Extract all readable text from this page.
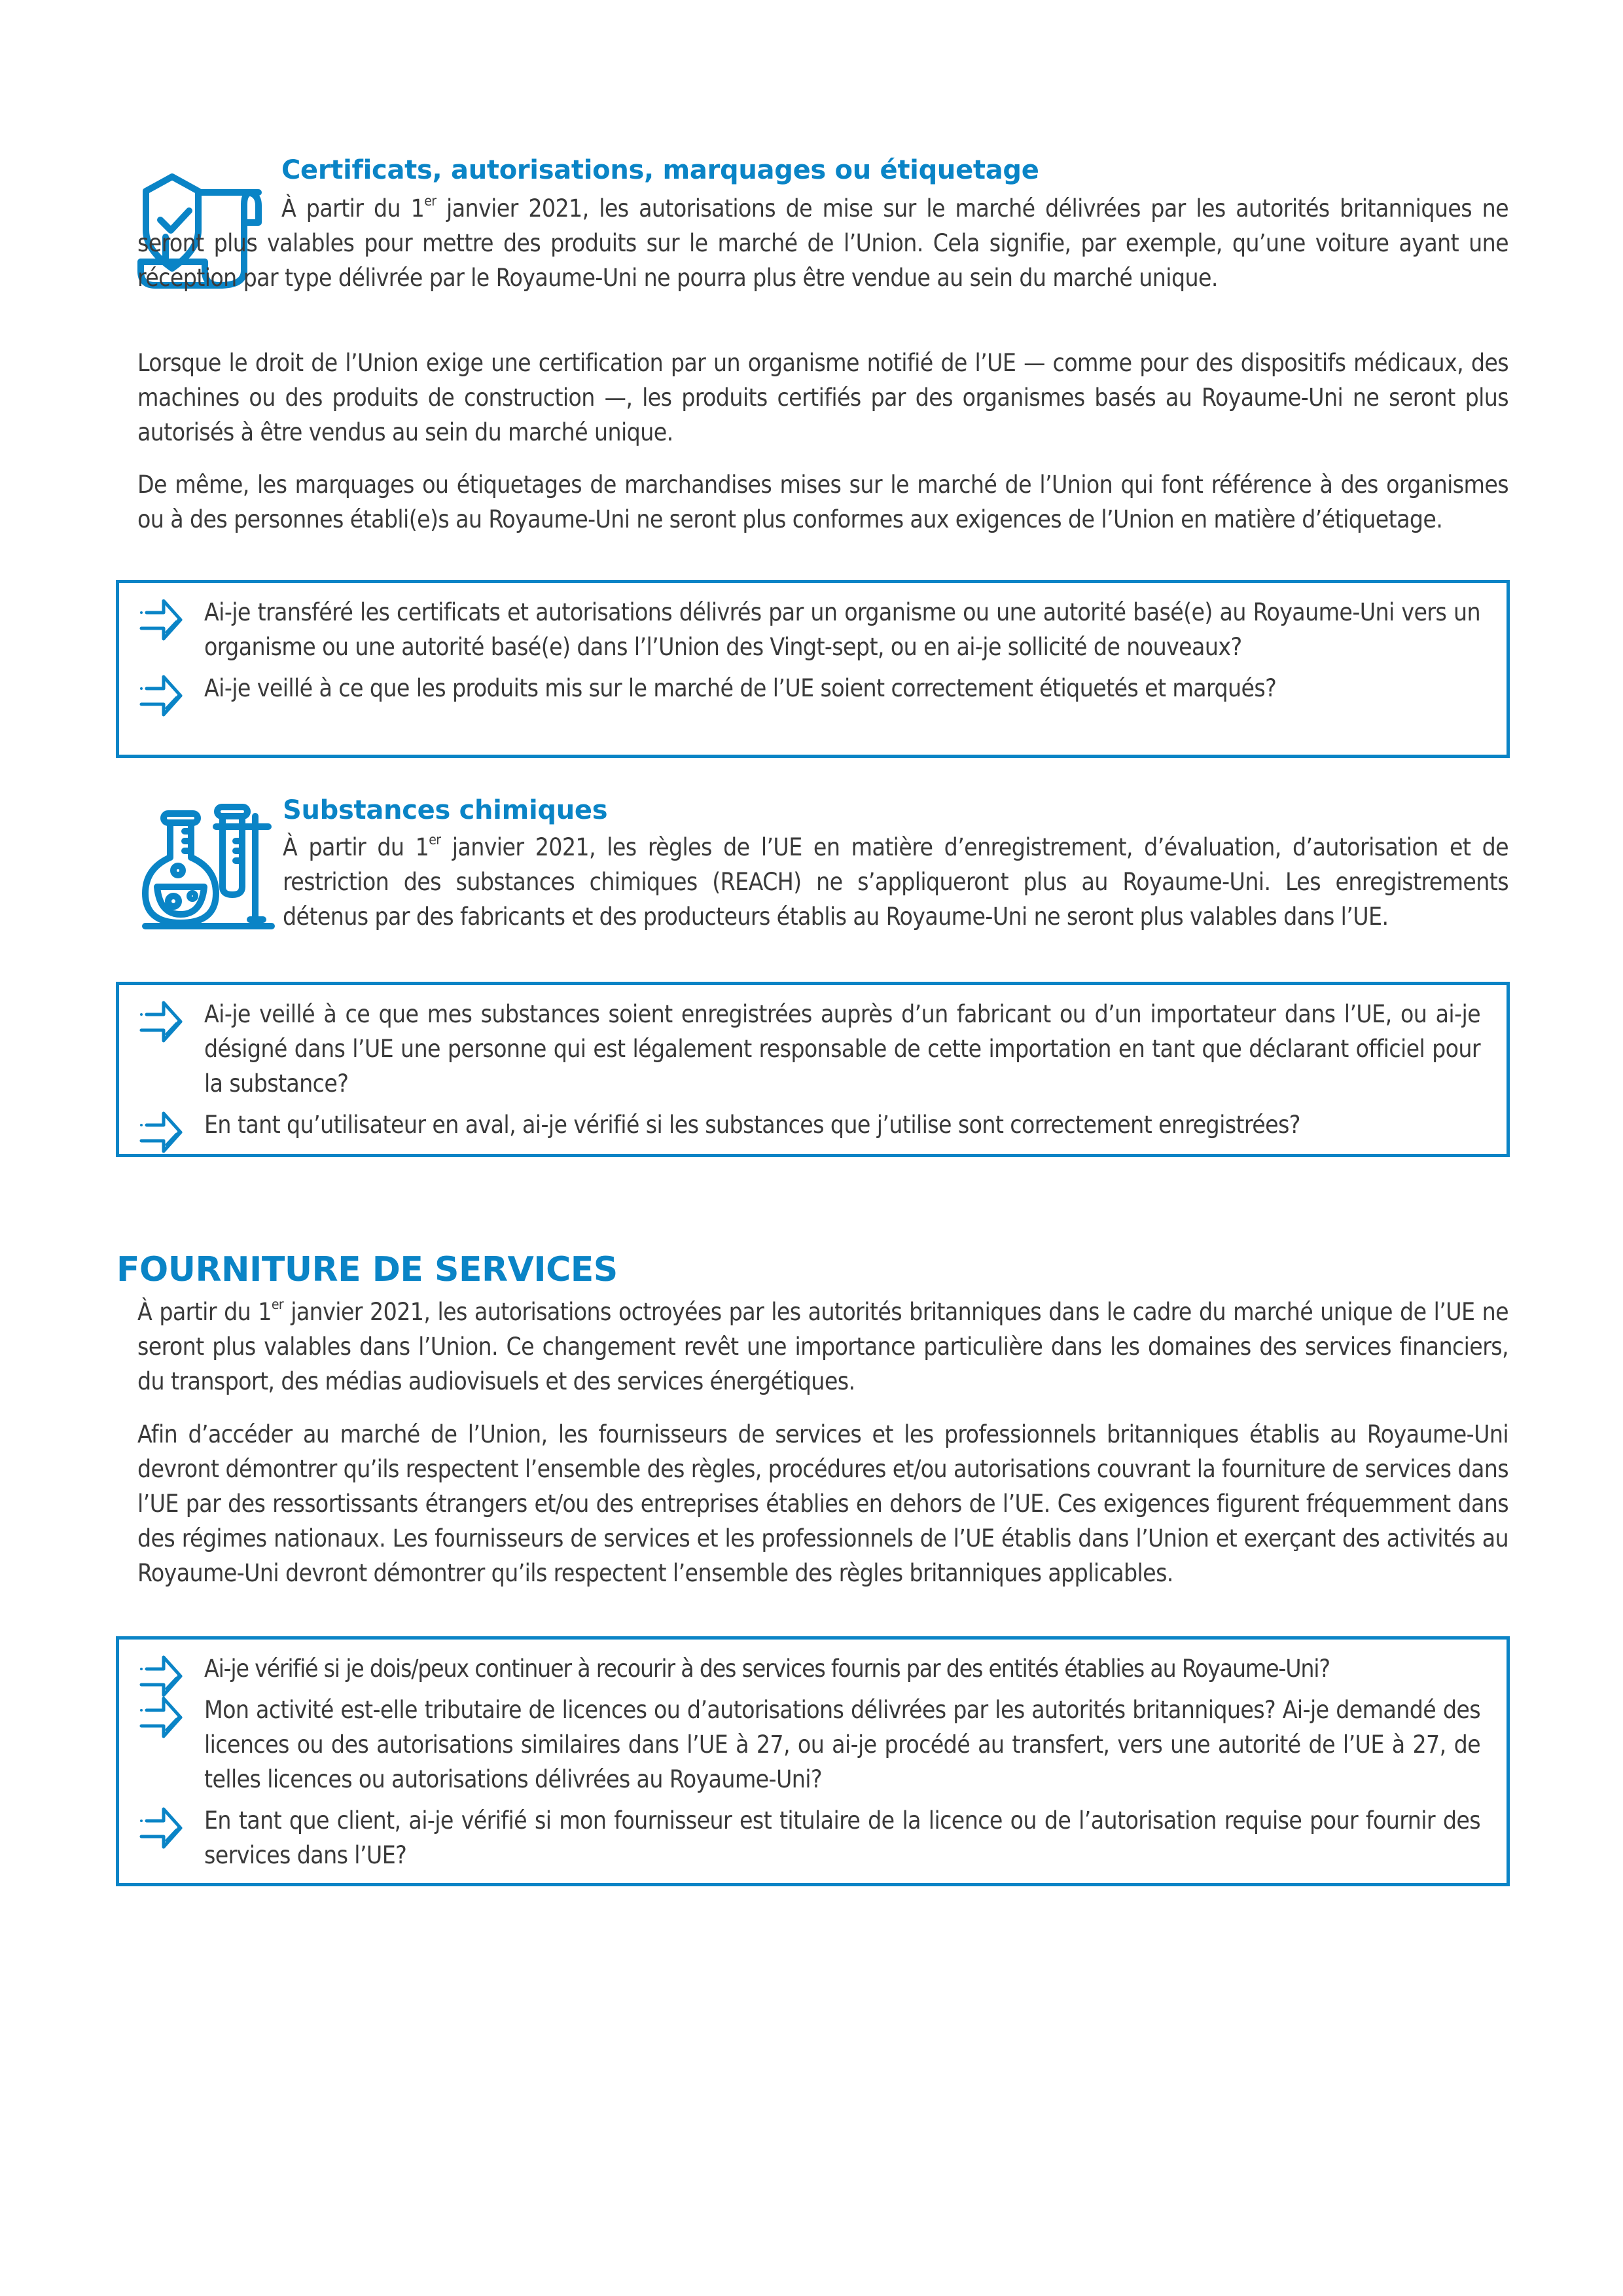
Certificats, autorisations, marquages ou étiquetage
À partir du 1er janvier 2021, les autorisations de mise sur le marché délivrées par les autorités britanniques ne seront plus valables pour mettre des produits sur le marché de l’Union. Cela signifie, par exemple, qu’une voiture ayant une réception par type délivrée par le Royaume-Uni ne pourra plus être vendue au sein du marché unique.
Lorsque le droit de l’Union exige une certification par un organisme notifié de l’UE — comme pour des dispositifs médicaux, des machines ou des produits de construction —, les produits certifiés par des organismes basés au Royaume-Uni ne seront plus autorisés à être vendus au sein du marché unique.
De même, les marquages ou étiquetages de marchandises mises sur le marché de l’Union qui font référence à des organismes ou à des personnes établi(e)s au Royaume-Uni ne seront plus conformes aux exigences de l’Union en matière d’étiquetage.
Ai-je transféré les certificats et autorisations délivrés par un organisme ou une autorité basé(e) au Royaume-Uni vers un organisme ou une autorité basé(e) dans l’l’Union des Vingt-sept, ou en ai-je sollicité de nouveaux?
Ai-je veillé à ce que les produits mis sur le marché de l’UE soient correctement étiquetés et marqués?
Substances chimiques
À partir du 1er janvier 2021, les règles de l’UE en matière d’enregistrement, d’évaluation, d’autorisation et de restriction des substances chimiques (REACH) ne s’appliqueront plus au Royaume-Uni. Les enregistrements détenus par des fabricants et des producteurs établis au Royaume-Uni ne seront plus valables dans l’UE.
Ai-je veillé à ce que mes substances soient enregistrées auprès d’un fabricant ou d’un importateur dans l’UE, ou ai-je désigné dans l’UE une personne qui est légalement responsable de cette importation en tant que déclarant officiel pour la substance?
En tant qu’utilisateur en aval, ai-je vérifié si les substances que j’utilise sont correctement enregistrées?
FOURNITURE DE SERVICES
À partir du 1er janvier 2021, les autorisations octroyées par les autorités britanniques dans le cadre du marché unique de l’UE ne seront plus valables dans l’Union. Ce changement revêt une importance particulière dans les domaines des services financiers, du transport, des médias audiovisuels et des services énergétiques.
Afin d’accéder au marché de l’Union, les fournisseurs de services et les professionnels britanniques établis au Royaume-Uni devront démontrer qu’ils respectent l’ensemble des règles, procédures et/ou autorisations couvrant la fourniture de services dans l’UE par des ressortissants étrangers et/ou des entreprises établies en dehors de l’UE. Ces exigences figurent fréquemment dans des régimes nationaux. Les fournisseurs de services et les professionnels de l’UE établis dans l’Union et exerçant des activités au Royaume-Uni devront démontrer qu’ils respectent l’ensemble des règles britanniques applicables.
Ai-je vérifié si je dois/peux continuer à recourir à des services fournis par des entités établies au Royaume-Uni?
Mon activité est-elle tributaire de licences ou d’autorisations délivrées par les autorités britanniques? Ai-je demandé des licences ou des autorisations similaires dans l’UE à 27, ou ai-je procédé au transfert, vers une autorité de l’UE à 27, de telles licences ou autorisations délivrées au Royaume-Uni?
En tant que client, ai-je vérifié si mon fournisseur est titulaire de la licence ou de l’autorisation requise pour fournir des services dans l’UE?
